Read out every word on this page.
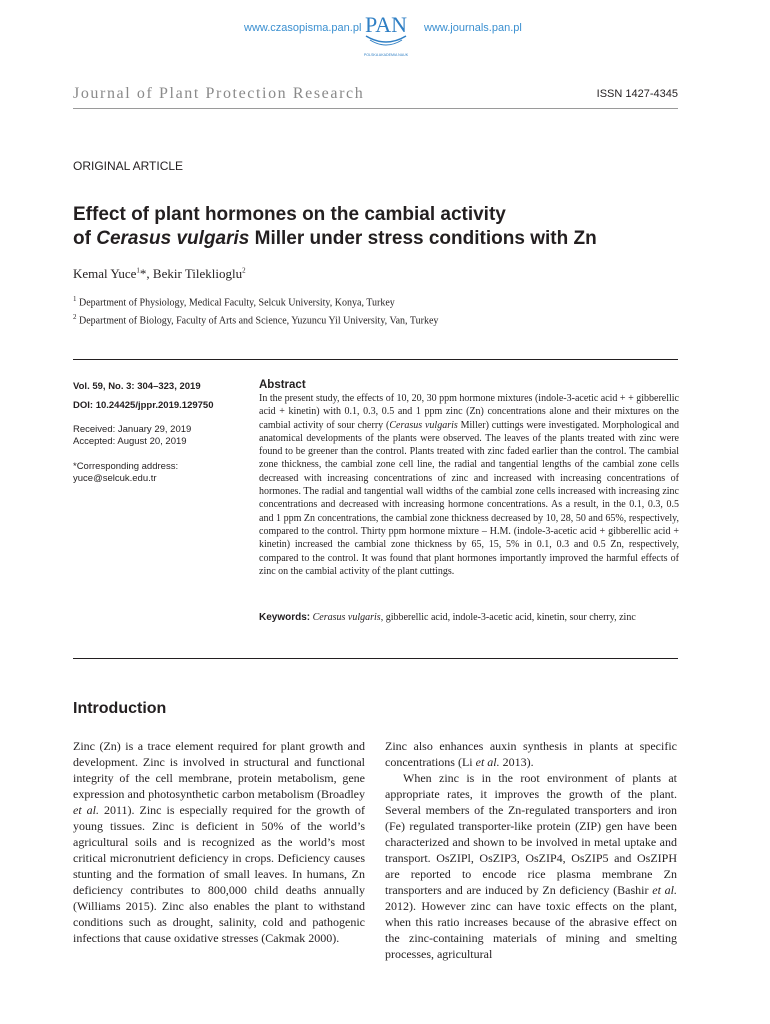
www.czasopisma.pan.pl PAN
POLSKA AKADEMIA NAUK
www.journals.pan.pl
Journal of Plant Protection Research	ISSN 1427-4345
ORIGINAL ARTICLE
Effect of plant hormones on the cambial activity
of Cerasus vulgaris Miller under stress conditions with Zn
Kemal Yuce$^1$*, Bekir Tileklioglu$^2$
$^1$ Department of Physiology, Medical Faculty, Selcuk University, Konya, Turkey
$^2$ Department of Biology, Faculty of Arts and Science, Yuzuncu Yil University, Van, Turkey
Vol. 59, No. 3: 304–323, 2019
DOI: 10.24425/jppr.2019.129750
Received: January 29, 2019
Accepted: August 20, 2019
*Corresponding address:
yuce@selcuk.edu.tr
Abstract
In the present study, the effects of 10, 20, 30 ppm hormone mixtures (indole-3-acetic acid + + gibberellic acid + kinetin) with 0.1, 0.3, 0.5 and 1 ppm zinc (Zn) concentrations alone and their mixtures on the cambial activity of sour cherry (Cerasus vulgaris Miller) cuttings were investigated. Morphological and anatomical developments of the plants were observed. The leaves of the plants treated with zinc were found to be greener than the control. Plants treated with zinc faded earlier than the control. The cambial zone thickness, the cambial zone cell line, the radial and tangential lengths of the cambial zone cells decreased with increasing concentrations of zinc and increased with increasing concentrations of hormones. The radial and tangential wall widths of the cambial zone cells increased with increasing zinc concentrations and decreased with increasing hormone concentrations. As a result, in the 0.1, 0.3, 0.5 and 1 ppm Zn concentrations, the cambial zone thickness decreased by 10, 28, 50 and 65%, respectively, compared to the control. Thirty ppm hormone mixture – H.M. (indole-3-acetic acid + gibberellic acid + kinetin) increased the cambial zone thickness by 65, 15, 5% in 0.1, 0.3 and 0.5 Zn, respectively, compared to the control. It was found that plant hormones importantly improved the harmful effects of zinc on the cambial activity of the plant cuttings.
Keywords: Cerasus vulgaris, gibberellic acid, indole-3-acetic acid, kinetin, sour cherry, zinc
Introduction

Zinc (Zn) is a trace element required for plant growth and development. Zinc is involved in structural and functional integrity of the cell membrane, protein metabolism, gene expression and photosynthetic carbon metabolism (Broadley et al. 2011). Zinc is especially required for the growth of young tissues. Zinc is deficient in 50% of the world’s agricultural soils and is recognized as the world’s most critical micronutrient deficiency in crops. Deficiency causes stunting and the formation of small leaves. In humans, Zn deficiency contributes to 800,000 child deaths annually (Williams 2015). Zinc also enables the plant to withstand conditions such as drought, salinity, cold and pathogenic infections that cause oxidative stresses (Cakmak 2000).

Zinc also enhances auxin synthesis in plants at specific concentrations (Li et al. 2013).

When zinc is in the root environment of plants at appropriate rates, it improves the growth of the plant. Several members of the Zn-regulated transporters and iron (Fe) regulated transporter-like protein (ZIP) gen have been characterized and shown to be involved in metal uptake and transport. OsZIPl, OsZIP3, OsZIP4, OsZIP5 and OsZIPH are reported to encode rice plasma membrane Zn transporters and are induced by Zn deficiency (Bashir et al. 2012). However zinc can have toxic effects on the plant, when this ratio increases because of the abrasive effect on the zinc-containing materials of mining and smelting processes, agricultural
